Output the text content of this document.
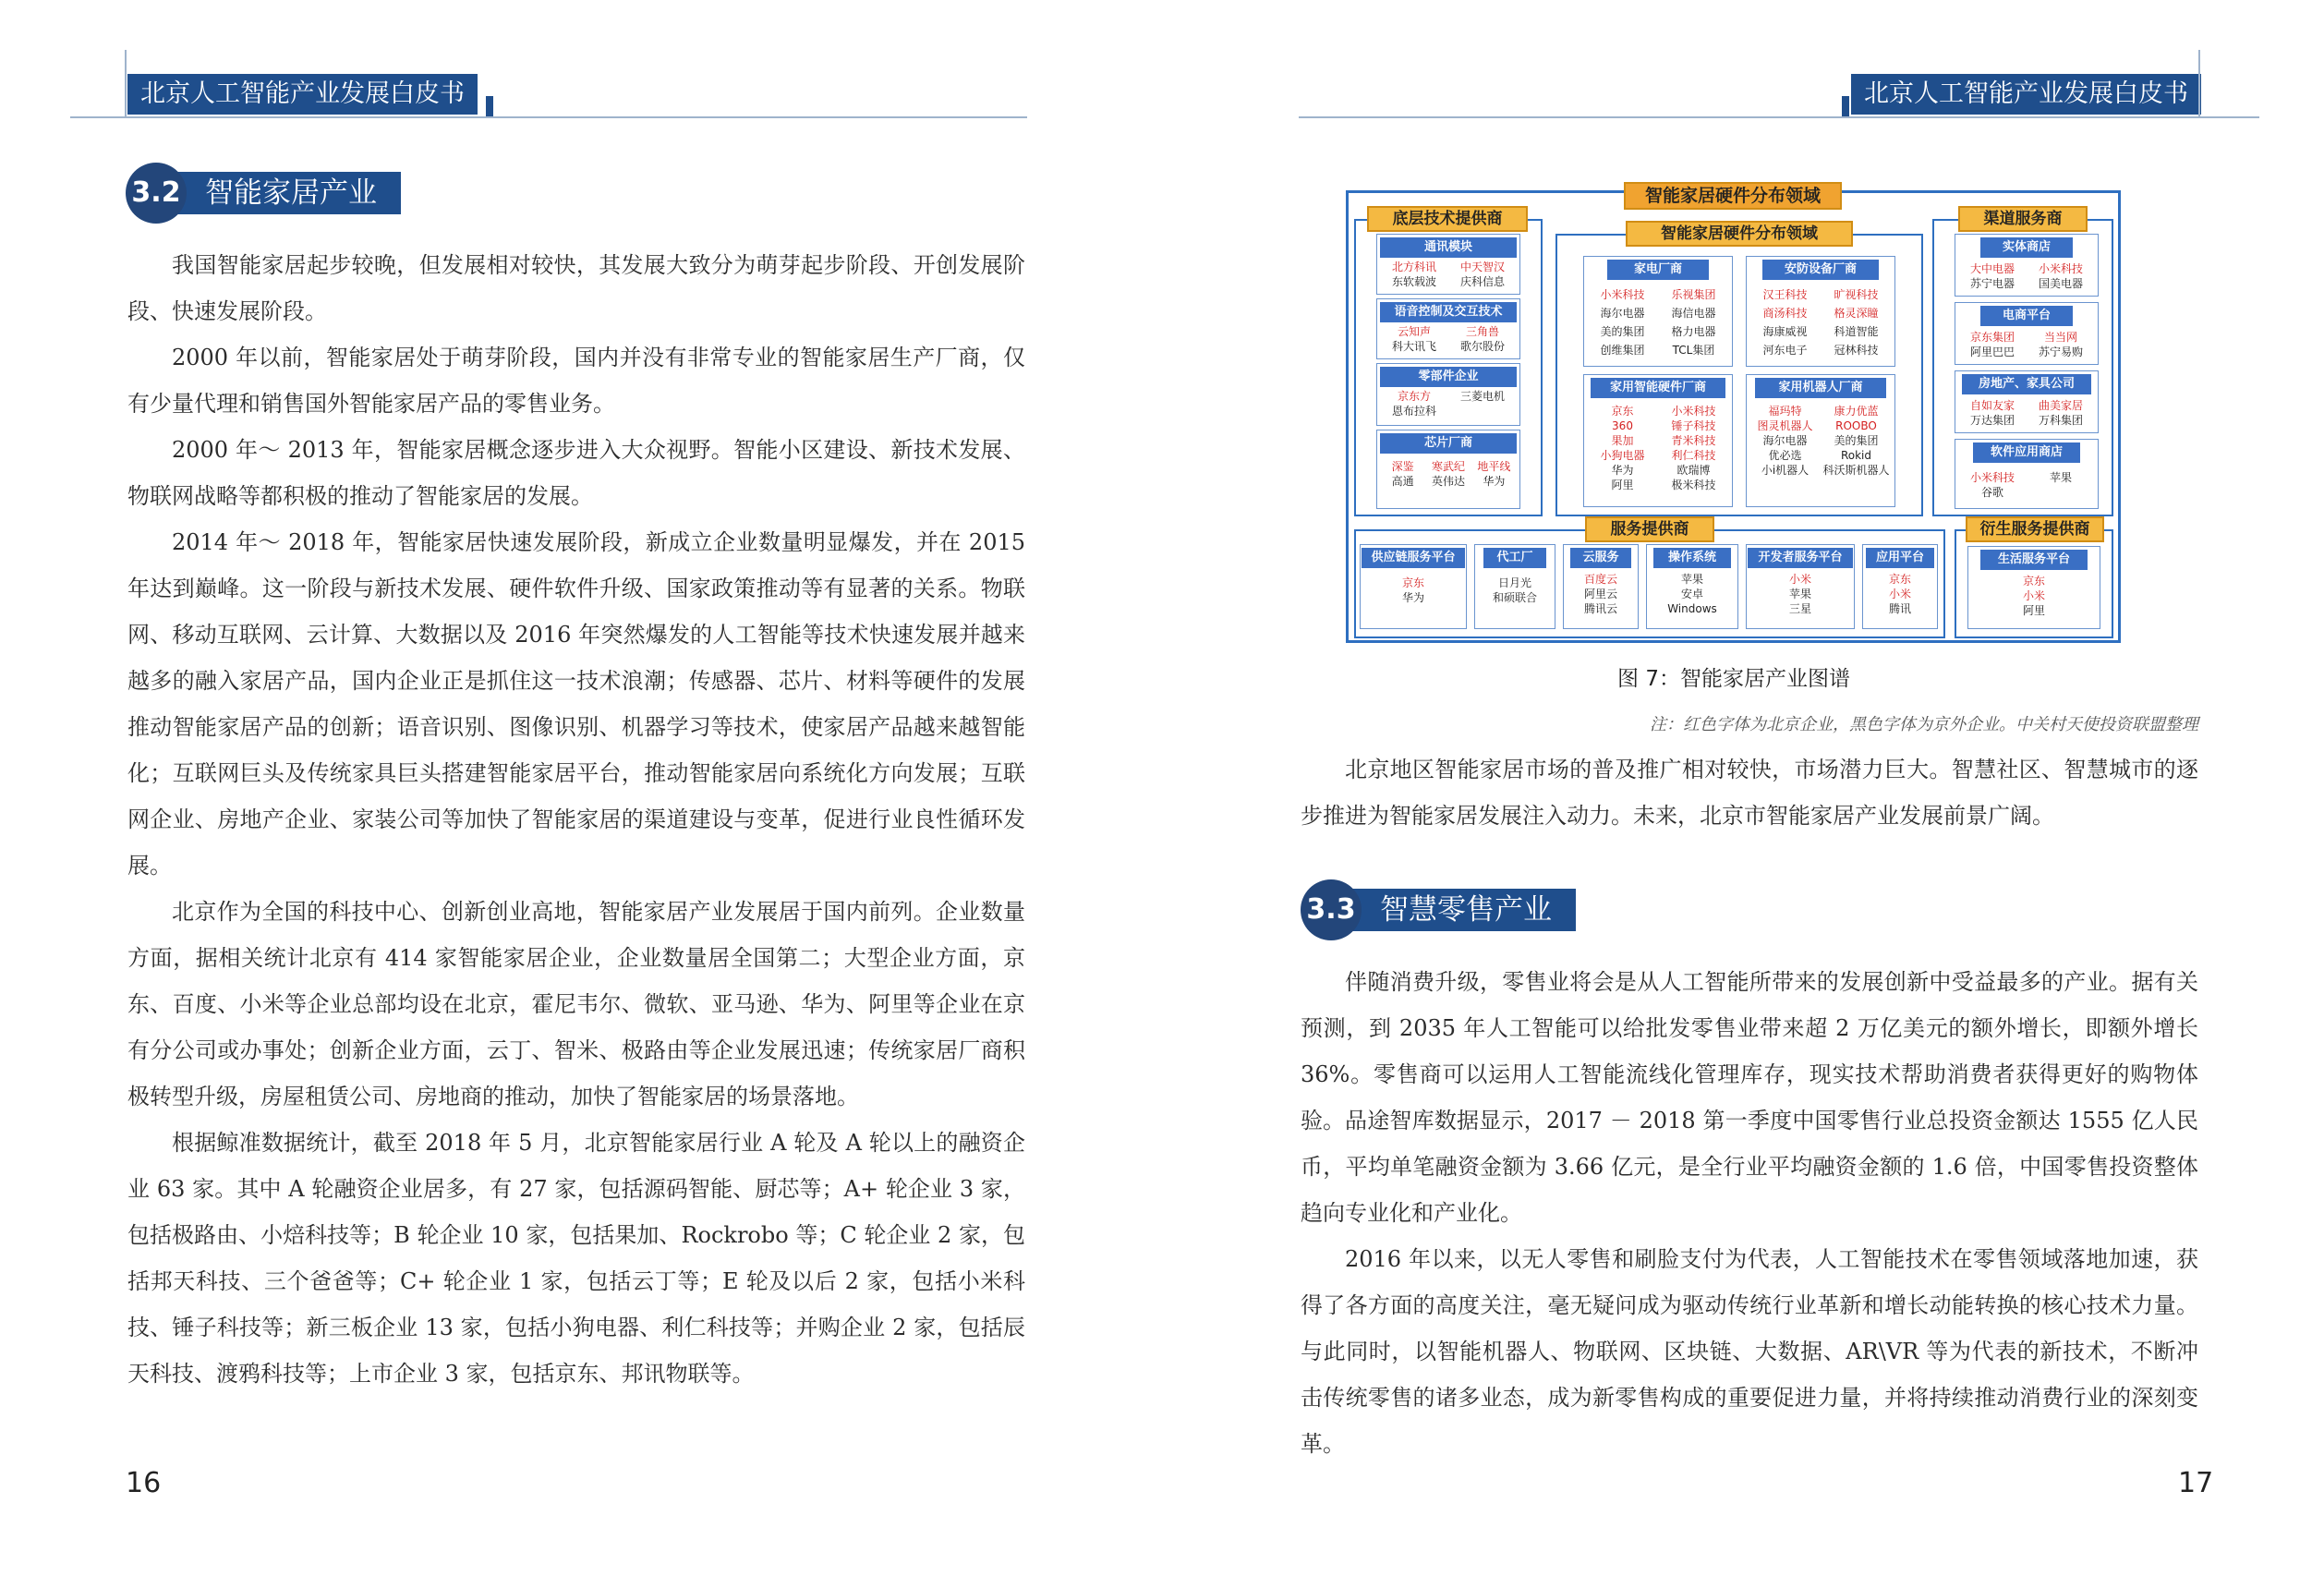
北京人工智能产业发展白皮书
3.2 智能家居产业
我国智能家居起步较晚，但发展相对较快，其发展大致分为萌芽起步阶段、开创发展阶段、快速发展阶段。
2000 年以前，智能家居处于萌芽阶段，国内并没有非常专业的智能家居生产厂商，仅有少量代理和销售国外智能家居产品的零售业务。
2000 年～ 2013 年，智能家居概念逐步进入大众视野。智能小区建设、新技术发展、物联网战略等都积极的推动了智能家居的发展。
2014 年～ 2018 年，智能家居快速发展阶段，新成立企业数量明显爆发，并在 2015 年达到巅峰。这一阶段与新技术发展、硬件软件升级、国家政策推动等有显著的关系。物联网、移动互联网、云计算、大数据以及 2016 年突然爆发的人工智能等技术快速发展并越来越多的融入家居产品，国内企业正是抓住这一技术浪潮；传感器、芯片、材料等硬件的发展推动智能家居产品的创新；语音识别、图像识别、机器学习等技术，使家居产品越来越智能化；互联网巨头及传统家具巨头搭建智能家居平台，推动智能家居向系统化方向发展；互联网企业、房地产企业、家装公司等加快了智能家居的渠道建设与变革，促进行业良性循环发展。
北京作为全国的科技中心、创新创业高地，智能家居产业发展居于国内前列。企业数量方面，据相关统计北京有 414 家智能家居企业，企业数量居全国第二；大型企业方面，京东、百度、小米等企业总部均设在北京，霍尼韦尔、微软、亚马逊、华为、阿里等企业在京有分公司或办事处；创新企业方面，云丁、智米、极路由等企业发展迅速；传统家居厂商积极转型升级，房屋租赁公司、房地商的推动，加快了智能家居的场景落地。
根据鲸准数据统计，截至 2018 年 5 月，北京智能家居行业 A 轮及 A 轮以上的融资企业 63 家。其中 A 轮融资企业居多，有 27 家，包括源码智能、厨芯等；A+ 轮企业 3 家，包括极路由、小焙科技等；B 轮企业 10 家，包括果加、Rockrobo 等；C 轮企业 2 家，包括邦天科技、三个爸爸等；C+ 轮企业 1 家，包括云丁等；E 轮及以后 2 家，包括小米科技、锤子科技等；新三板企业 13 家，包括小狗电器、利仁科技等；并购企业 2 家，包括辰天科技、渡鸦科技等；上市企业 3 家，包括京东、邦讯物联等。
16
北京人工智能产业发展白皮书
北京地区智能家居市场的普及推广相对较快，市场潜力巨大。智慧社区、智慧城市的逐步推进为智能家居发展注入动力。未来，北京市智能家居产业发展前景广阔。
3.3 智慧零售产业
伴随消费升级，零售业将会是从人工智能所带来的发展创新中受益最多的产业。据有关预测，到 2035 年人工智能可以给批发零售业带来超 2 万亿美元的额外增长，即额外增长 36%。零售商可以运用人工智能流线化管理库存，现实技术帮助消费者获得更好的购物体验。 品途智库数据显示，2017 － 2018 第一季度中国零售行业总投资金额达 1555 亿人民币，平均单笔融资金额为 3.66 亿元，是全行业平均融资金额的 1.6 倍，中国零售投资整体趋向专业化和产业化。
2016 年以来，以无人零售和刷脸支付为代表，人工智能技术在零售领域落地加速，获得了各方面的高度关注，毫无疑问成为驱动传统行业革新和增长动能转换的核心技术力量。与此同时，以智能机器人、物联网、区块链、大数据、AR\VR 等为代表的新技术，不断冲击传统零售的诸多业态，成为新零售构成的重要促进力量，并将持续推动消费行业的深刻变革。
17
智能家居硬件分布领域
底层技术提供商
智能家居硬件分布领域
渠道服务商
服务提供商	衍生服务提供商
通讯模块
北方科讯	中天智汉
东软载波	庆科信息
语音控制及交互技术
云知声	三角兽
科大讯飞	歌尔股份
零部件企业
京东方	三菱电机
恩布拉科
芯片厂商
深鉴	寒武纪	地平线
高通	英伟达	华为
家电厂商
小米科技	乐视集团
海尔电器	海信电器
美的集团	格力电器
创维集团	TCL集团
安防设备厂商
汉王科技	旷视科技
商汤科技	格灵深瞳
海康威视	科道智能
河东电子	冠林科技
家用智能硬件厂商
京东	小米科技
360	锤子科技
果加	青米科技
小狗电器	利仁科技
华为	欧瑞博
阿里	极米科技
家用机器人厂商
福玛特	康力优蓝
图灵机器人	ROOBO
海尔电器	美的集团
优必选	Rokid
小i机器人	科沃斯机器人
实体商店
大中电器	小米科技
苏宁电器	国美电器
电商平台
京东集团	当当网
阿里巴巴	苏宁易购
房地产、家具公司
自如友家	曲美家居
万达集团	万科集团
软件应用商店
小米科技	苹果
谷歌
供应链服务平台
京东
华为
代工厂
日月光
和硕联合
云服务
百度云
阿里云
腾讯云
操作系统
苹果
安卓
Windows
开发者服务平台
小米
苹果
三星
应用平台
京东
小米
腾讯
生活服务平台
京东
小米
阿里
图 7：智能家居产业图谱
注：红色字体为北京企业，黑色字体为京外企业。中关村天使投资联盟整理
